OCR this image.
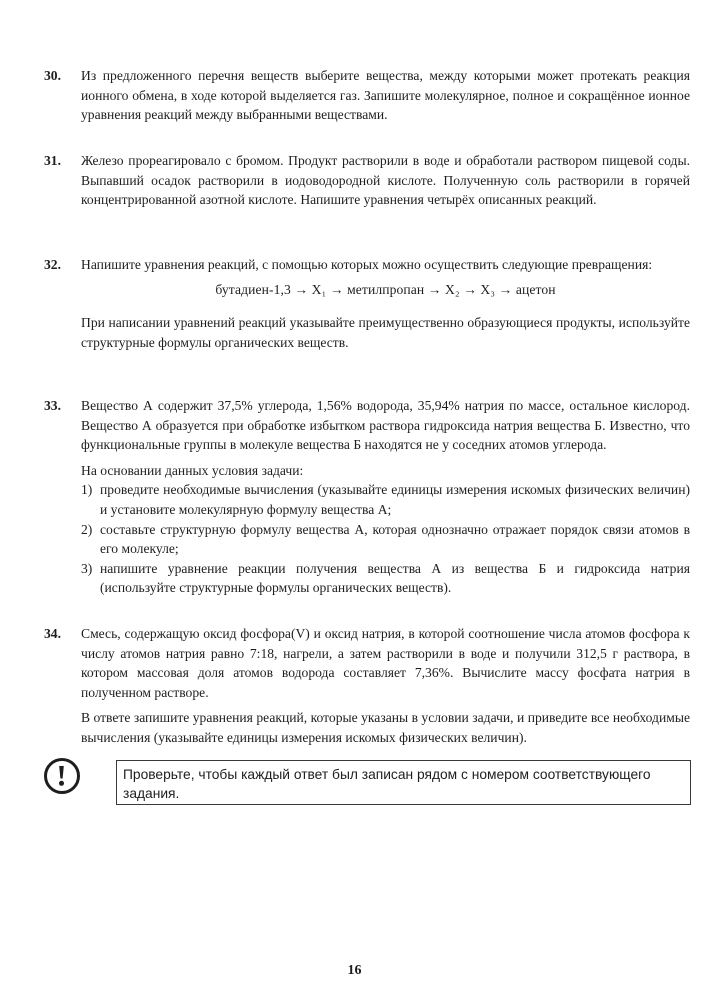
30.	Из предложенного перечня веществ выберите вещества, между которыми может протекать реакция ионного обмена, в ходе которой выделяется газ. Запишите молекулярное, полное и сокращённое ионное уравнения реакций между выбранными веществами.

31.	Железо прореагировало с бромом. Продукт растворили в воде и обработали раствором пищевой соды. Выпавший осадок растворили в иодоводородной кислоте. Полученную соль растворили в горячей концентрированной азотной кислоте. Напишите уравнения четырёх описанных реакций.

32.	Напишите уравнения реакций, с помощью которых можно осуществить следующие превращения:

бутадиен-1,3 → X₁ → метилпропан → X₂ → X₃ → ацетон

При написании уравнений реакций указывайте преимущественно образующиеся продукты, используйте структурные формулы органических веществ.

33.	Вещество А содержит 37,5% углерода, 1,56% водорода, 35,94% натрия по массе, остальное кислород. Вещество А образуется при обработке избытком раствора гидроксида натрия вещества Б. Известно, что функциональные группы в молекуле вещества Б находятся не у соседних атомов углерода.

На основании данных условия задачи:

1) проведите необходимые вычисления (указывайте единицы измерения искомых физических величин) и установите молекулярную формулу вещества А;
2) составьте структурную формулу вещества А, которая однозначно отражает порядок связи атомов в его молекуле;
3) напишите уравнение реакции получения вещества А из вещества Б и гидроксида натрия (используйте структурные формулы органических веществ).
34.	Смесь, содержащую оксид фосфора(V) и оксид натрия, в которой соотношение числа атомов фосфора к числу атомов натрия равно 7:18, нагрели, а затем растворили в воде и получили 312,5 г раствора, в котором массовая доля атомов водорода составляет 7,36%. Вычислите массу фосфата натрия в полученном растворе.

В ответе запишите уравнения реакций, которые указаны в условии задачи, и приведите все необходимые вычисления (указывайте единицы измерения искомых физических величин).

Проверьте, чтобы каждый ответ был записан рядом с номером соответствующего задания.
16
